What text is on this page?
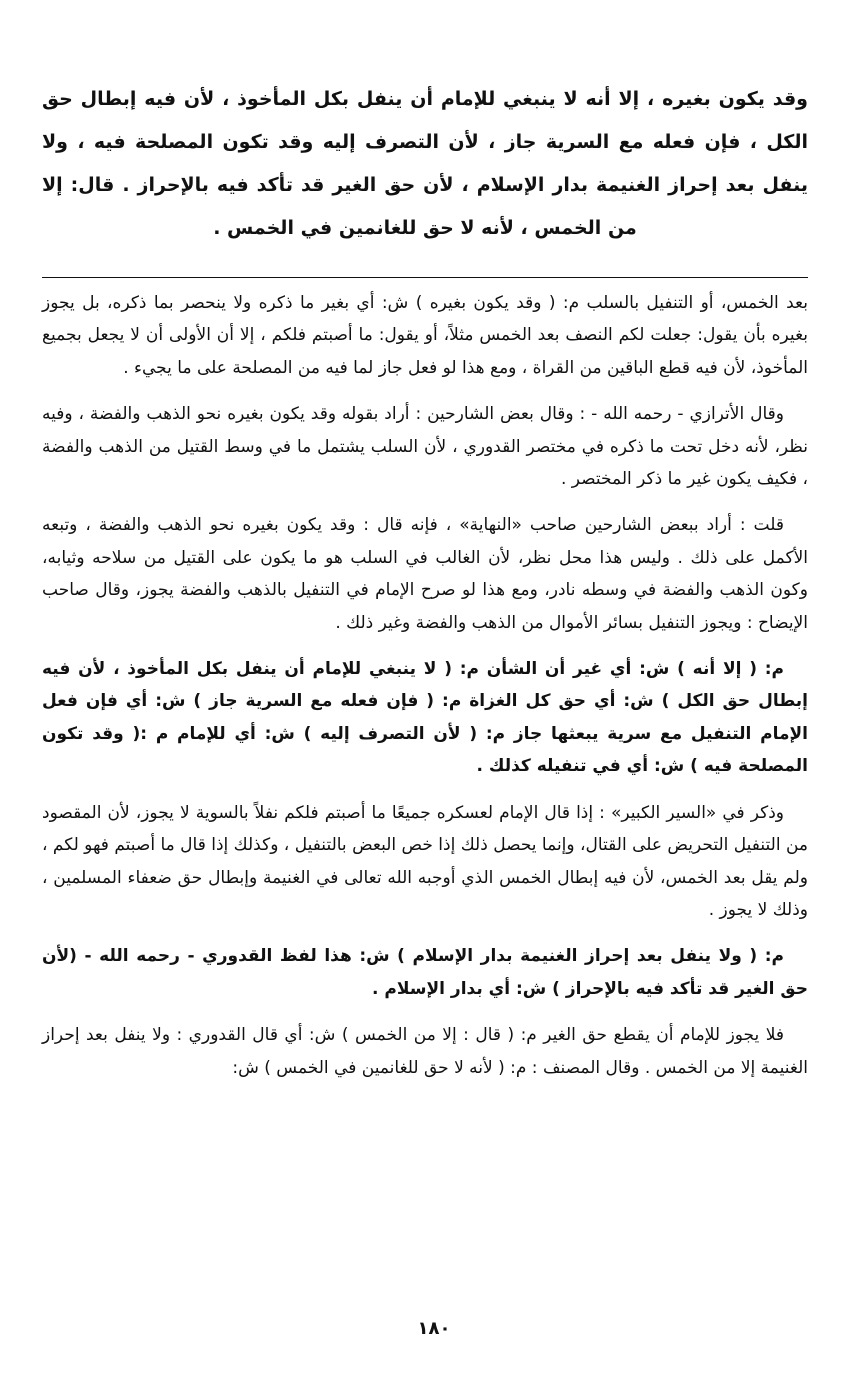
وقد يكون بغيره ، إلا أنه لا ينبغي للإمام أن ينفل بكل المأخوذ ، لأن فيه إبطال حق الكل ، فإن فعله مع السرية جاز ، لأن التصرف إليه وقد تكون المصلحة فيه ، ولا ينفل بعد إحراز الغنيمة بدار الإسلام ، لأن حق الغير قد تأكد فيه بالإحراز . قال: إلا من الخمس ، لأنه لا حق للغانمين في الخمس .

بعد الخمس، أو التنفيل بالسلب م: ( وقد يكون بغيره ) ش: أي بغير ما ذكره ولا ينحصر بما ذكره، بل يجوز بغيره بأن يقول: جعلت لكم النصف بعد الخمس مثلاً، أو يقول: ما أصبتم فلكم ، إلا أن الأولى أن لا يجعل بجميع المأخوذ، لأن فيه قطع الباقين من القراة ، ومع هذا لو فعل جاز لما فيه من المصلحة على ما يجيء .

وقال الأترازي - رحمه الله - : وقال بعض الشارحين : أراد بقوله وقد يكون بغيره نحو الذهب والفضة ، وفيه نظر، لأنه دخل تحت ما ذكره في مختصر القدوري ، لأن السلب يشتمل ما في وسط القتيل من الذهب والفضة ، فكيف يكون غير ما ذكر المختصر .

قلت : أراد ببعض الشارحين صاحب «النهاية» ، فإنه قال : وقد يكون بغيره نحو الذهب والفضة ، وتبعه الأكمل على ذلك . وليس هذا محل نظر، لأن الغالب في السلب هو ما يكون على القتيل من سلاحه وثيابه، وكون الذهب والفضة في وسطه نادر، ومع هذا لو صرح الإمام في التنفيل بالذهب والفضة يجوز، وقال صاحب الإيضاح : ويجوز التنفيل بسائر الأموال من الذهب والفضة وغير ذلك .

م: ( إلا أنه ) ش: أي غير أن الشأن م: ( لا ينبغي للإمام أن ينفل بكل المأخوذ ، لأن فيه إبطال حق الكل ) ش: أي حق كل الغزاة م: ( فإن فعله مع السرية جاز ) ش: أي فإن فعل الإمام التنفيل مع سرية يبعثها جاز م: ( لأن التصرف إليه ) ش: أي للإمام م :( وقد تكون المصلحة فيه ) ش: أي في تنفيله كذلك .

وذكر في «السير الكبير» : إذا قال الإمام لعسكره جميعًا ما أصبتم فلكم نفلاً بالسوية لا يجوز، لأن المقصود من التنفيل التحريض على القتال، وإنما يحصل ذلك إذا خص البعض بالتنفيل ، وكذلك إذا قال ما أصبتم فهو لكم ، ولم يقل بعد الخمس، لأن فيه إبطال الخمس الذي أوجبه الله تعالى في الغنيمة وإبطال حق ضعفاء المسلمين ، وذلك لا يجوز .

م: ( ولا ينفل بعد إحراز الغنيمة بدار الإسلام ) ش: هذا لفظ القدوري - رحمه الله - (لأن حق الغير قد تأكد فيه بالإحراز ) ش: أي بدار الإسلام .

فلا يجوز للإمام أن يقطع حق الغير م: ( قال : إلا من الخمس ) ش: أي قال القدوري : ولا ينفل بعد إحراز الغنيمة إلا من الخمس . وقال المصنف : م: ( لأنه لا حق للغانمين في الخمس ) ش:

١٨٠
